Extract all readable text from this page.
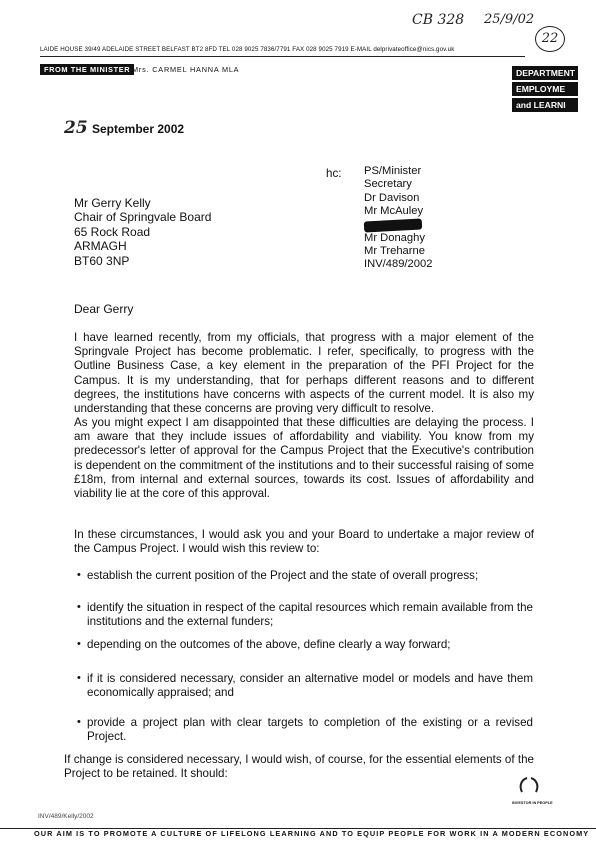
CB 328 25/9/02
22
LAIDE HOUSE 39/49 ADELAIDE STREET BELFAST BT2 8FD TEL 028 9025 7836/7791 FAX 028 9025 7919 E-MAIL delprivateoffice@nics.gov.uk
FROM THE MINISTER Mrs. CARMEL HANNA MLA	DEPARTMENT
EMPLOYME
and LEARNI
25 September 2002
hc: PS/Minister
Secretary
Dr Davison
Mr McAuley
Mr Donaghy
Mr Treharne
INV/489/2002
Mr Gerry Kelly
Chair of Springvale Board
65 Rock Road
ARMAGH
BT60 3NP
Dear Gerry
I have learned recently, from my officials, that progress with a major element of the Springvale Project has become problematic. I refer, specifically, to progress with the Outline Business Case, a key element in the preparation of the PFI Project for the Campus. It is my understanding, that for perhaps different reasons and to different degrees, the institutions have concerns with aspects of the current model. It is also my understanding that these concerns are proving very difficult to resolve.
As you might expect I am disappointed that these difficulties are delaying the process. I am aware that they include issues of affordability and viability. You know from my predecessor's letter of approval for the Campus Project that the Executive's contribution is dependent on the commitment of the institutions and to their successful raising of some £18m, from internal and external sources, towards its cost. Issues of affordability and viability lie at the core of this approval.
In these circumstances, I would ask you and your Board to undertake a major review of the Campus Project. I would wish this review to:
• establish the current position of the Project and the state of overall progress;
• identify the situation in respect of the capital resources which remain available from the institutions and the external funders;
• depending on the outcomes of the above, define clearly a way forward;
• if it is considered necessary, consider an alternative model or models and have them economically appraised; and
• provide a project plan with clear targets to completion of the existing or a revised Project.
If change is considered necessary, I would wish, of course, for the essential elements of the Project to be retained. It should:
INVESTOR IN PEOPLE
INV/489/Kelly/2002
OUR AIM IS TO PROMOTE A CULTURE OF LIFELONG LEARNING AND TO EQUIP PEOPLE FOR WORK IN A MODERN ECONOMY
